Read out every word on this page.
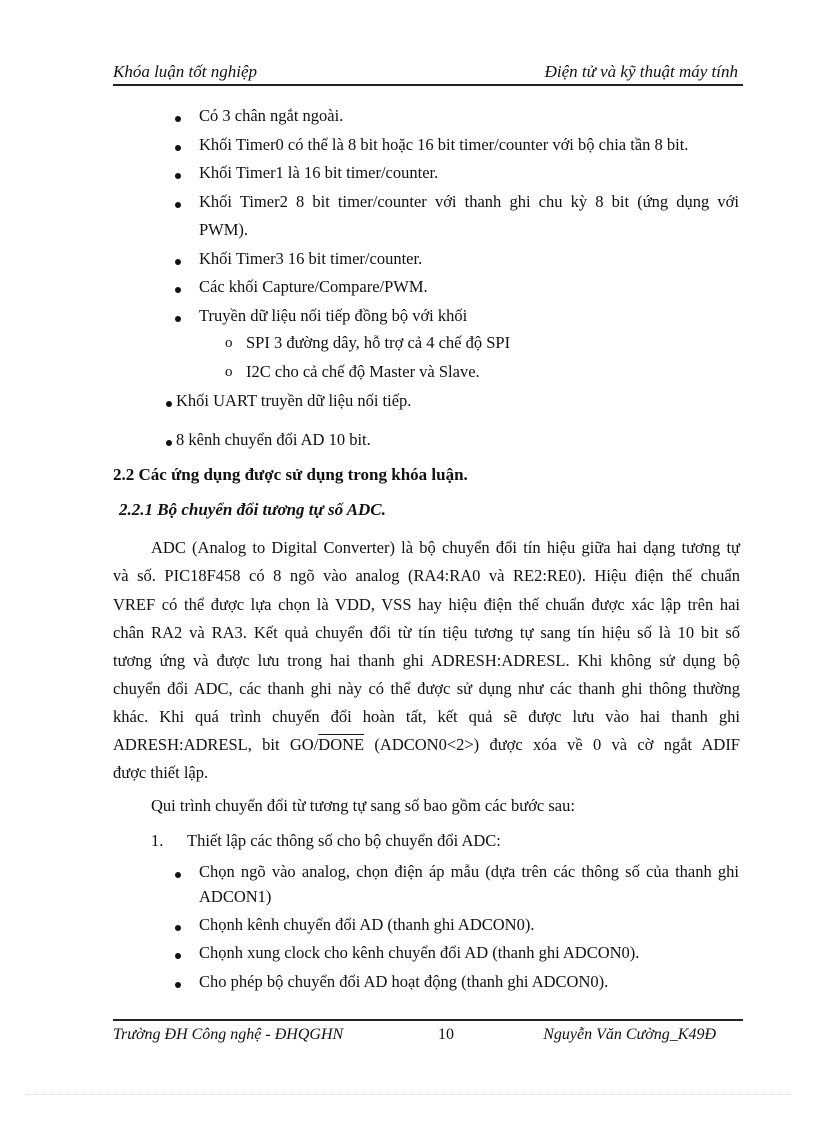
Khóa luận tốt nghiệp	Điện tử và kỹ thuật máy tính
Có 3 chân ngắt ngoài.
Khối Timer0 có thể là 8 bit hoặc 16 bit timer/counter với bộ chia tần 8 bit.
Khối Timer1 là 16 bit timer/counter.
Khối Timer2 8 bit timer/counter với thanh ghi chu kỳ 8 bit (ứng dụng với
PWM).
Khối Timer3 16 bit timer/counter.
Các khối Capture/Compare/PWM.
Truyền dữ liệu nối tiếp đồng bộ với khối
o SPI 3 đường dây, hỗ trợ cả 4 chế độ SPI
o I2C cho cả chế độ Master và Slave.
Khối UART truyền dữ liệu nối tiếp.
8 kênh chuyển đổi AD 10 bit.
2.2 Các ứng dụng được sử dụng trong khóa luận.
2.2.1 Bộ chuyển đổi tương tự số ADC.
ADC (Analog to Digital Converter) là bộ chuyển đổi tín hiệu giữa hai dạng tương tự
và số. PIC18F458 có 8 ngõ vào analog (RA4:RA0 và RE2:RE0). Hiệu điện thế chuẩn
VREF có thể được lựa chọn là VDD, VSS hay hiệu điện thế chuẩn được xác lập trên hai
chân RA2 và RA3. Kết quả chuyển đổi từ tín tiệu tương tự sang tín hiệu số là 10 bit số
tương ứng và được lưu trong hai thanh ghi ADRESH:ADRESL. Khi không sử dụng bộ
chuyển đổi ADC, các thanh ghi này có thể được sử dụng như các thanh ghi thông thường
khác. Khi quá trình chuyển đổi hoàn tất, kết quả sẽ được lưu vào hai thanh ghi
ADRESH:ADRESL, bit GO/DONE (ADCON0<2>) được xóa về 0 và cờ ngắt ADIF
được thiết lập.
Qui trình chuyển đổi từ tương tự sang số bao gồm các bước sau:
1. Thiết lập các thông số cho bộ chuyển đổi ADC:
Chọn ngõ vào analog, chọn điện áp mẫu (dựa trên các thông số của thanh ghi
ADCON1)
Chọnh kênh chuyển đổi AD (thanh ghi ADCON0).
Chọnh xung clock cho kênh chuyển đổi AD (thanh ghi ADCON0).
Cho phép bộ chuyển đổi AD hoạt động (thanh ghi ADCON0).
Trường ĐH Công nghệ - ĐHQGHN	10	Nguyễn Văn Cường_K49Đ
